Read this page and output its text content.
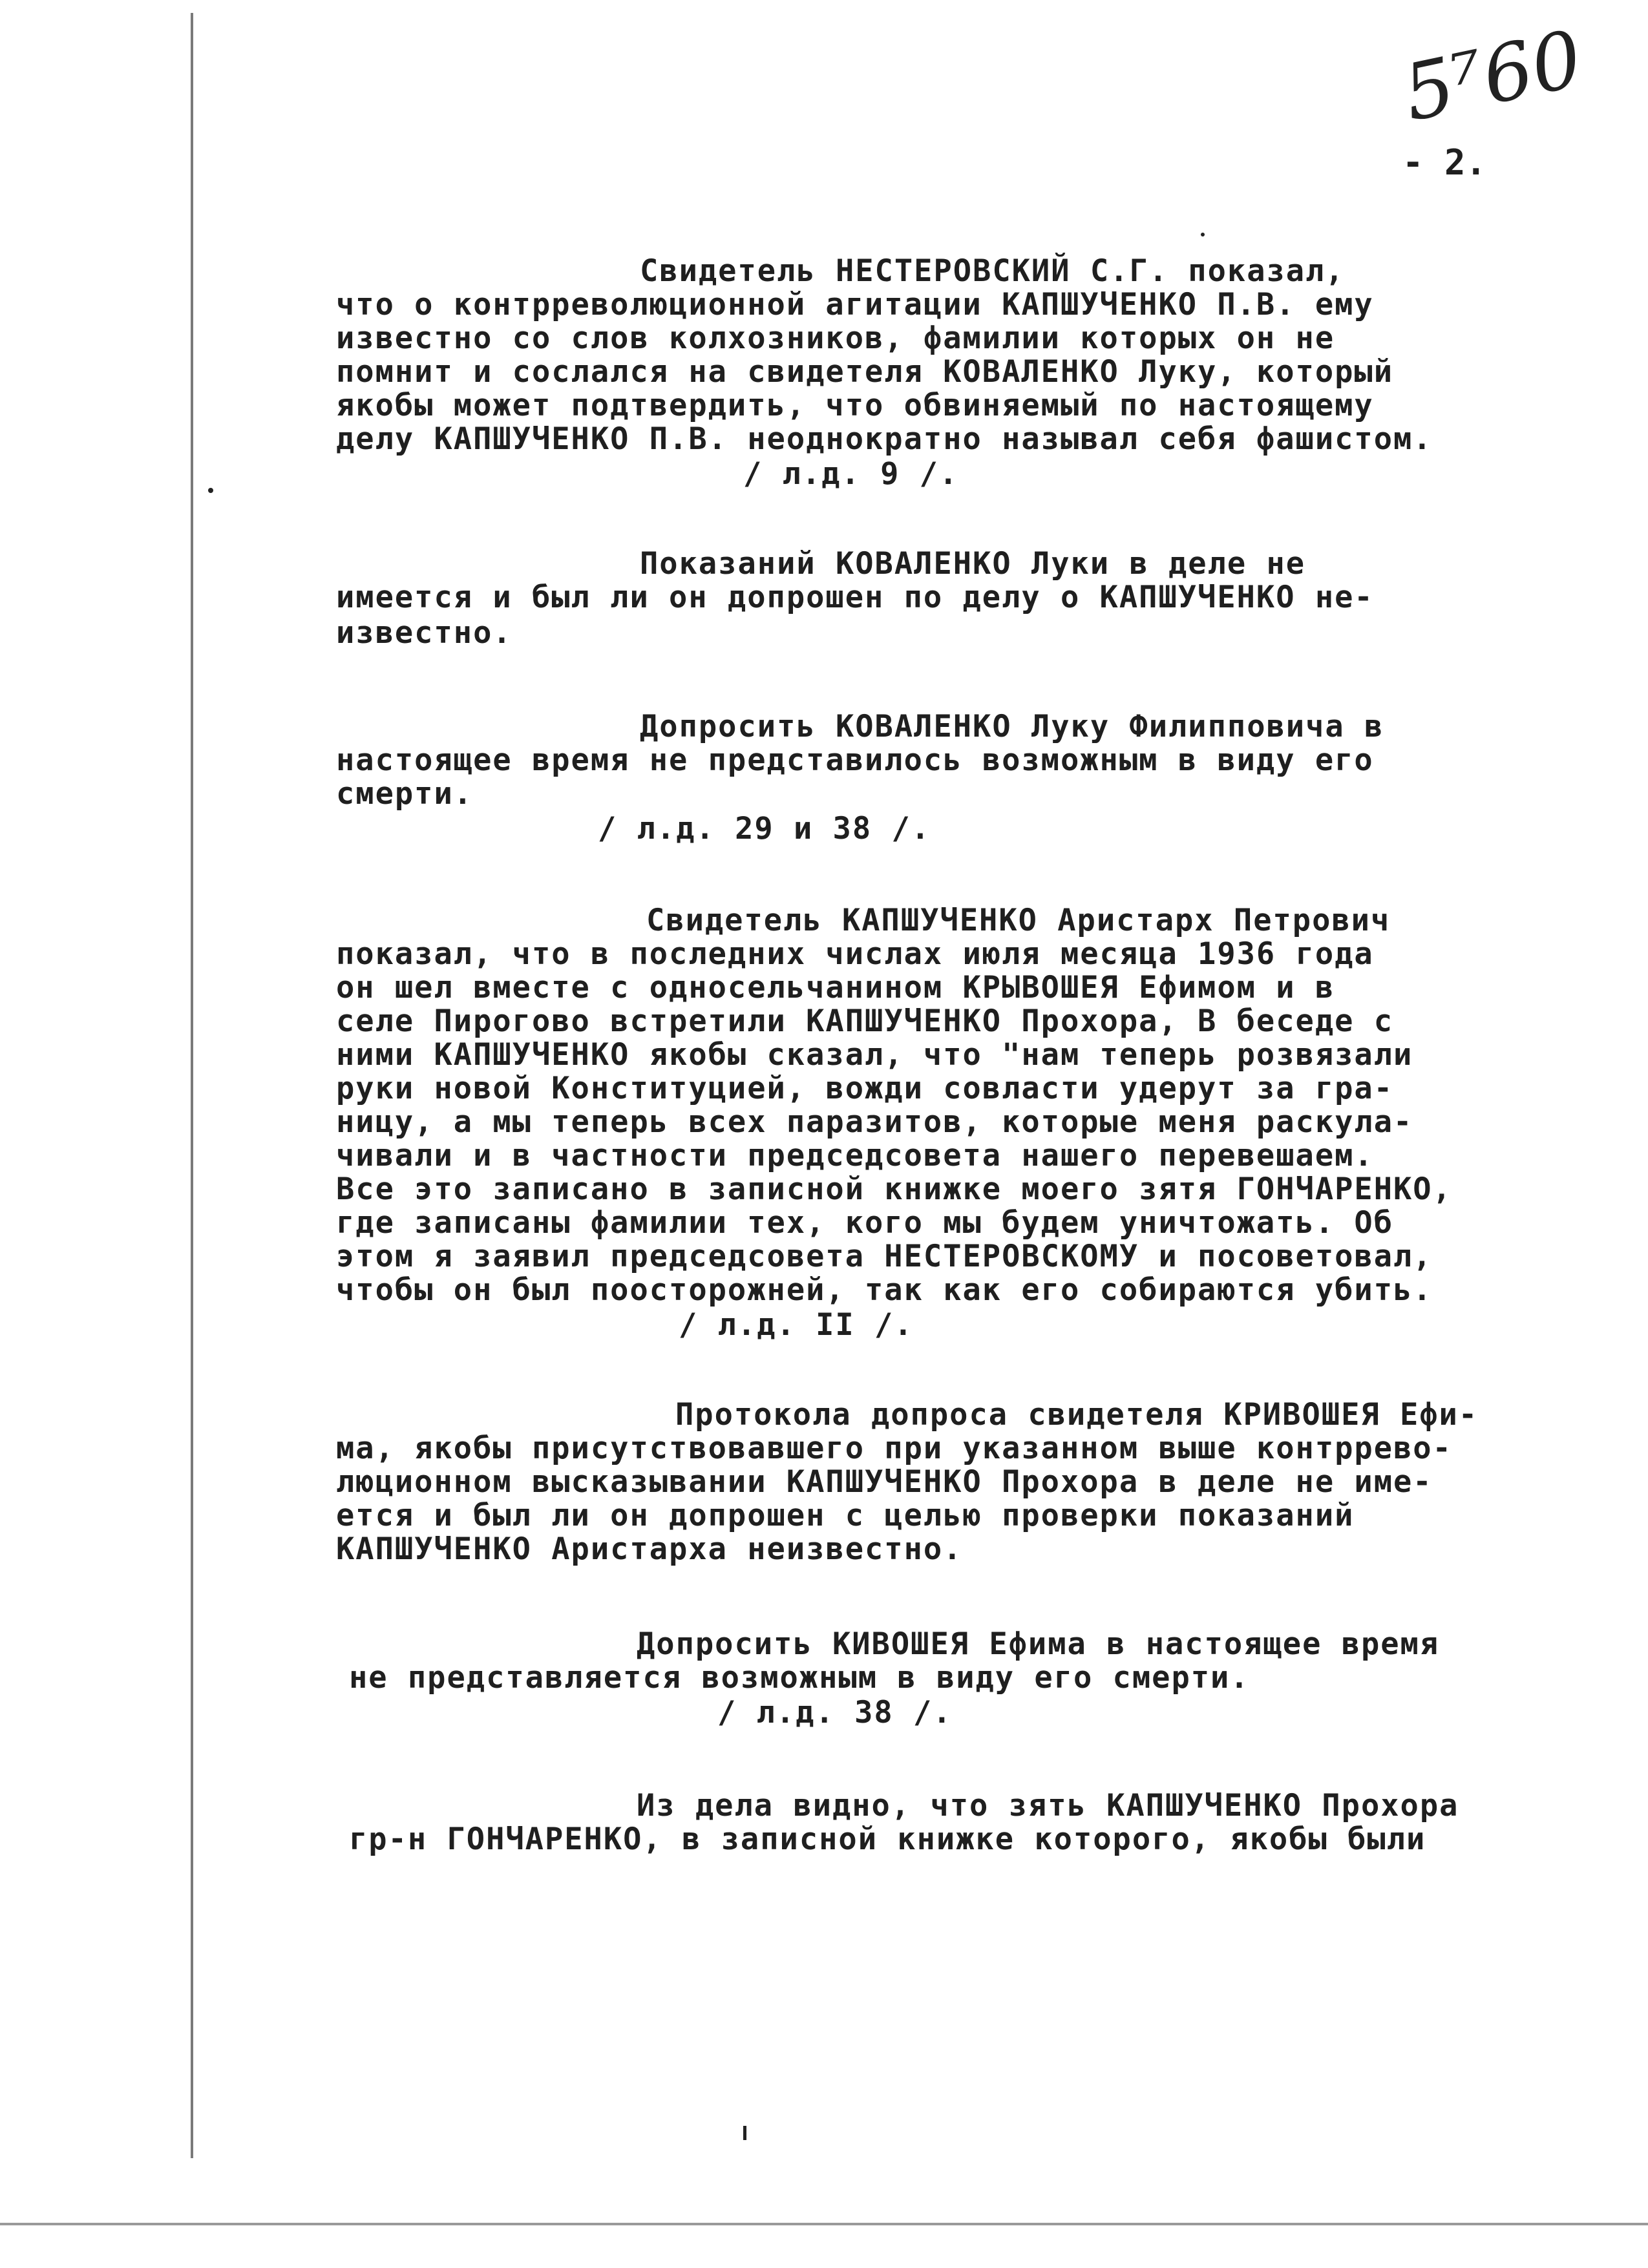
5⁷60
- 2.
Свидетель НЕСТЕРОВСКИЙ С.Г. показал,
что о контрреволюционной агитации КАПШУЧЕНКО П.В. ему
известно со слов колхозников, фамилии которых он не
помнит и сослался на свидетеля КОВАЛЕНКО Луку, который
якобы может подтвердить, что обвиняемый по настоящему
делу КАПШУЧЕНКО П.В. неоднократно называл себя фашистом.
/ л.д. 9 /.
Показаний КОВАЛЕНКО Луки в деле не
имеется и был ли он допрошен по делу о КАПШУЧЕНКО не-
известно.
Допросить КОВАЛЕНКО Луку Филипповича в
настоящее время не представилось возможным в виду его
смерти.
/ л.д. 29 и 38 /.
Свидетель КАПШУЧЕНКО Аристарх Петрович
показал, что в последних числах июля месяца 1936 года
он шел вместе с односельчанином КРЫВОШЕЯ Ефимом и в
селе Пирогово встретили КАПШУЧЕНКО Прохора, В беседе с
ними КАПШУЧЕНКО якобы сказал, что "нам теперь розвязали
руки новой Конституцией, вожди совласти удерут за гра-
ницу, а мы теперь всех паразитов, которые меня раскула-
чивали и в частности председсовета нашего перевешаем.
Все это записано в записной книжке моего зятя ГОНЧАРЕНКО,
где записаны фамилии тех, кого мы будем уничтожать. Об
этом я заявил председсовета НЕСТЕРОВСКОМУ и посоветовал,
чтобы он был поосторожней, так как его собираются убить.
/ л.д. II /.
Протокола допроса свидетеля КРИВОШЕЯ Ефи-
ма, якобы присутствовавшего при указанном выше контррево-
люционном высказывании КАПШУЧЕНКО Прохора в деле не име-
ется и был ли он допрошен с целью проверки показаний
КАПШУЧЕНКО Аристарха неизвестно.
Допросить КИВОШЕЯ Ефима в настоящее время
не представляется возможным в виду его смерти.
/ л.д. 38 /.
Из дела видно, что зять КАПШУЧЕНКО Прохора
гр-н ГОНЧАРЕНКО, в записной книжке которого, якобы были
